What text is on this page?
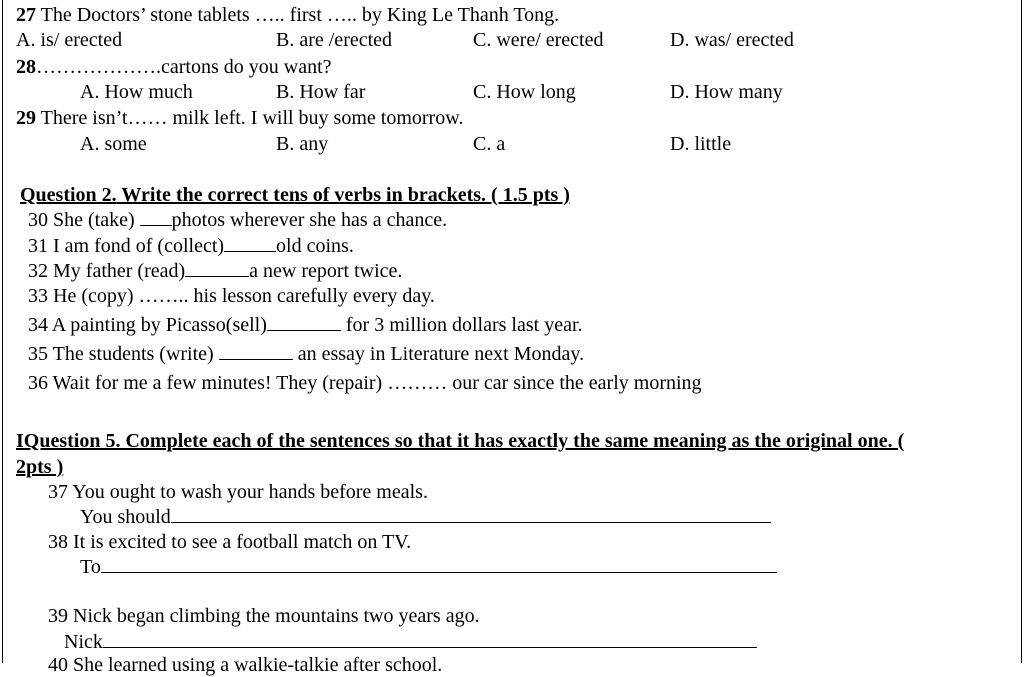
27 The Doctors’ stone tablets ….. first ….. by King Le Thanh Tong.
A. is/ erected	B. are /erected	C. were/ erected	D. was/ erected
28……………….cartons do you want?
A. How much	B. How far	C. How long	D. How many
29 There isn’t…… milk left. I will buy some tomorrow.
A. some	B. any	C. a	D. little
Question 2. Write the correct tens of verbs in brackets. ( 1.5 pts )
30 She (take) photos wherever she has a chance.
31 I am fond of (collect)	old coins.
32 My father (read)	a new report twice.
33 He (copy) …….. his lesson carefully every day.
34 A painting by Picasso(sell)	for 3 million dollars last year.
35 The students (write)	an essay in Literature next Monday.
36 Wait for me a few minutes! They (repair) ……… our car since the early morning
IQuestion 5. Complete each of the sentences so that it has exactly the same meaning as the original one. (
2pts )
37 You ought to wash your hands before meals.
You should
38 It is excited to see a football match on TV.
To
39 Nick began climbing the mountains two years ago.
Nick
40 She learned using a walkie-talkie after school.
